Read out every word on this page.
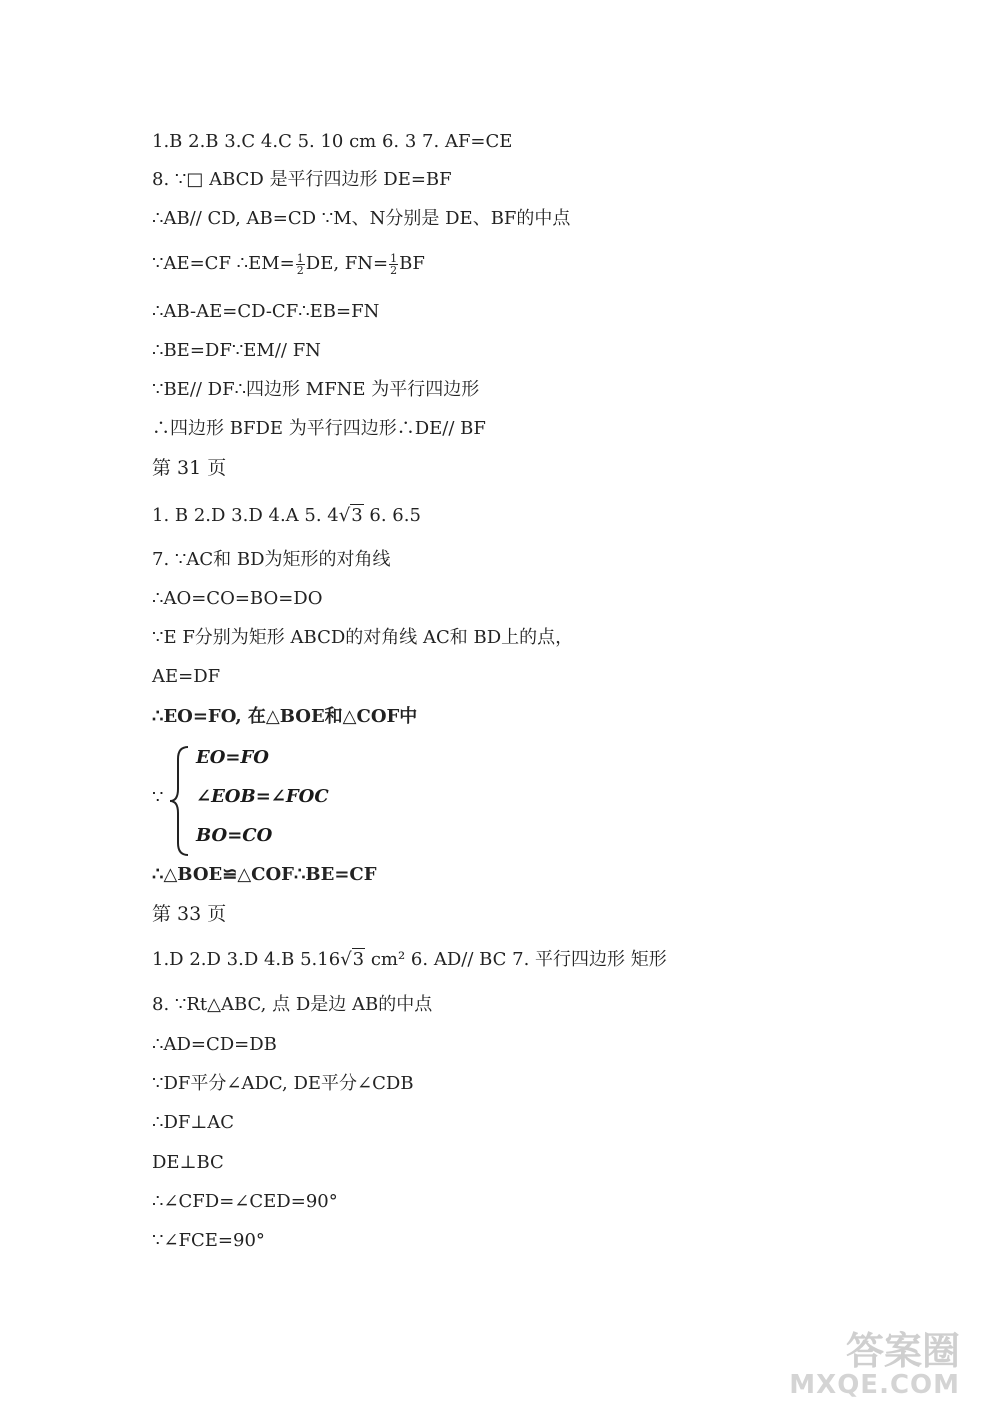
1.B 2.B 3.C 4.C 5. 10 cm 6. 3 7. AF=CE
8. ∵□ ABCD 是平行四边形 DE=BF
∴AB// CD, AB=CD ∵M、N分别是 DE、BF的中点
∵AE=CF ∴EM= $\frac{1}{2}$ DE, $FN= \frac{1}{2}$ BF
∴AB-AE=CD-CF∴EB=FN
∴BE=DF∵EM// FN
∵BE// DF∴四边形 MFNE 为平行四边形
∴四边形 BFDE 为平行四边形∴DE// BF
第 31 页
1. B 2.D 3.D 4.A 5. 4√3 6. 6.5
7. ∵AC和 BD为矩形的对角线
∴AO=CO=BO=DO
∵E F分别为矩形 ABCD的对角线 AC和 BD上的点，
AE=DF
∴EO=FO, 在△BOE和△COF中
∵
EO=FO
∠EOB=∠FOC
BO=CO
∴△BOE≌△COF∴BE=CF
第 33 页
1.D 2.D 3.D 4.B 5.16√3 cm² 6. AD// BC 7. 平行四边形 矩形
8. ∵Rt△ABC, 点 D是边 AB的中点
∴AD=CD=DB
∵DF平分∠ADC, DE平分∠CDB
∴DF⊥AC
DE⊥BC
∴∠CFD=∠CED=90°
∵∠FCE=90°
答案圈
MXQE.COM
